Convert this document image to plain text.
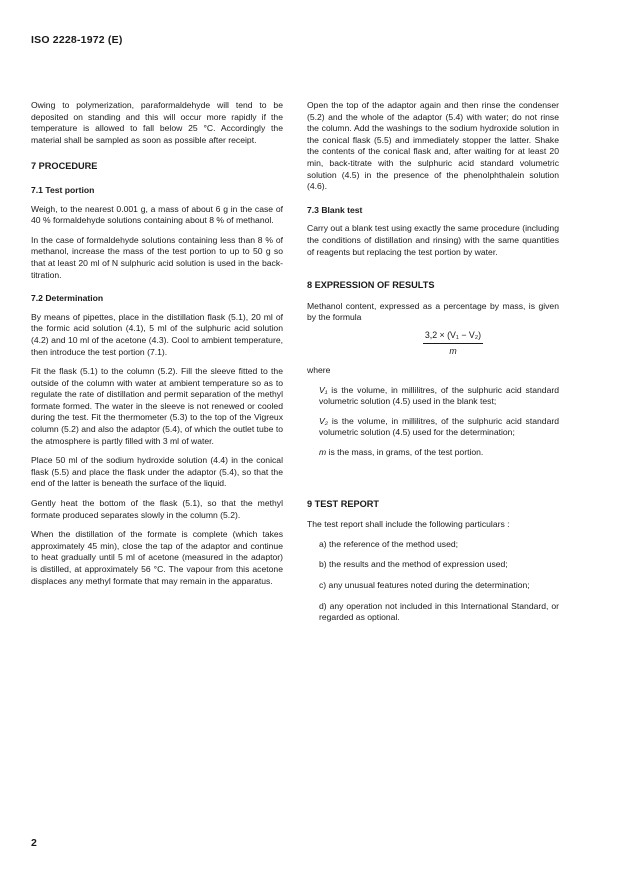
ISO 2228-1972 (E)

Owing to polymerization, paraformaldehyde will tend to be deposited on standing and this will occur more rapidly if the temperature is allowed to fall below 25 °C. Accordingly the material shall be sampled as soon as possible after receipt.

7 PROCEDURE
7.1 Test portion

Weigh, to the nearest 0.001 g, a mass of about 6 g in the case of 40 % formaldehyde solutions containing about 8 % of methanol.

In the case of formaldehyde solutions containing less than 8 % of methanol, increase the mass of the test portion to up to 50 g so that at least 20 ml of N sulphuric acid solution is used in the back-titration.

7.2 Determination

By means of pipettes, place in the distillation flask (5.1), 20 ml of the formic acid solution (4.1), 5 ml of the sulphuric acid solution (4.2) and 10 ml of the acetone (4.3). Cool to ambient temperature, then introduce the test portion (7.1).

Fit the flask (5.1) to the column (5.2). Fill the sleeve fitted to the outside of the column with water at ambient temperature so as to regulate the rate of distillation and permit separation of the methyl formate formed. The water in the sleeve is not renewed or cooled during the test. Fit the thermometer (5.3) to the top of the Vigreux column (5.2) and also the adaptor (5.4), of which the outlet tube to the atmosphere is partly filled with 3 ml of water.

Place 50 ml of the sodium hydroxide solution (4.4) in the conical flask (5.5) and place the flask under the adaptor (5.4), so that the end of the latter is beneath the surface of the liquid.

Gently heat the bottom of the flask (5.1), so that the methyl formate produced separates slowly in the column (5.2).

When the distillation of the formate is complete (which takes approximately 45 min), close the tap of the adaptor and continue to heat gradually until 5 ml of acetone (measured in the adaptor) is distilled, at approximately 56 °C. The vapour from this acetone displaces any methyl formate that may remain in the apparatus.

Open the top of the adaptor again and then rinse the condenser (5.2) and the whole of the adaptor (5.4) with water; do not rinse the column. Add the washings to the sodium hydroxide solution in the conical flask (5.5) and immediately stopper the latter. Shake the contents of the conical flask and, after waiting for at least 20 min, back-titrate with the sulphuric acid standard volumetric solution (4.5) in the presence of the phenolphthalein solution (4.6).

7.3 Blank test

Carry out a blank test using exactly the same procedure (including the conditions of distillation and rinsing) with the same quantities of reagents but replacing the test portion by water.

8 EXPRESSION OF RESULTS

Methanol content, expressed as a percentage by mass, is given by the formula

3,2 × (V₁ − V₂)
m

where

V₁ is the volume, in millilitres, of the sulphuric acid standard volumetric solution (4.5) used in the blank test;

V₂ is the volume, in millilitres, of the sulphuric acid standard volumetric solution (4.5) used for the determination;

m is the mass, in grams, of the test portion.

9 TEST REPORT

The test report shall include the following particulars :

a) the reference of the method used;
b) the results and the method of expression used;
c) any unusual features noted during the determination;
d) any operation not included in this International Standard, or regarded as optional.
2
